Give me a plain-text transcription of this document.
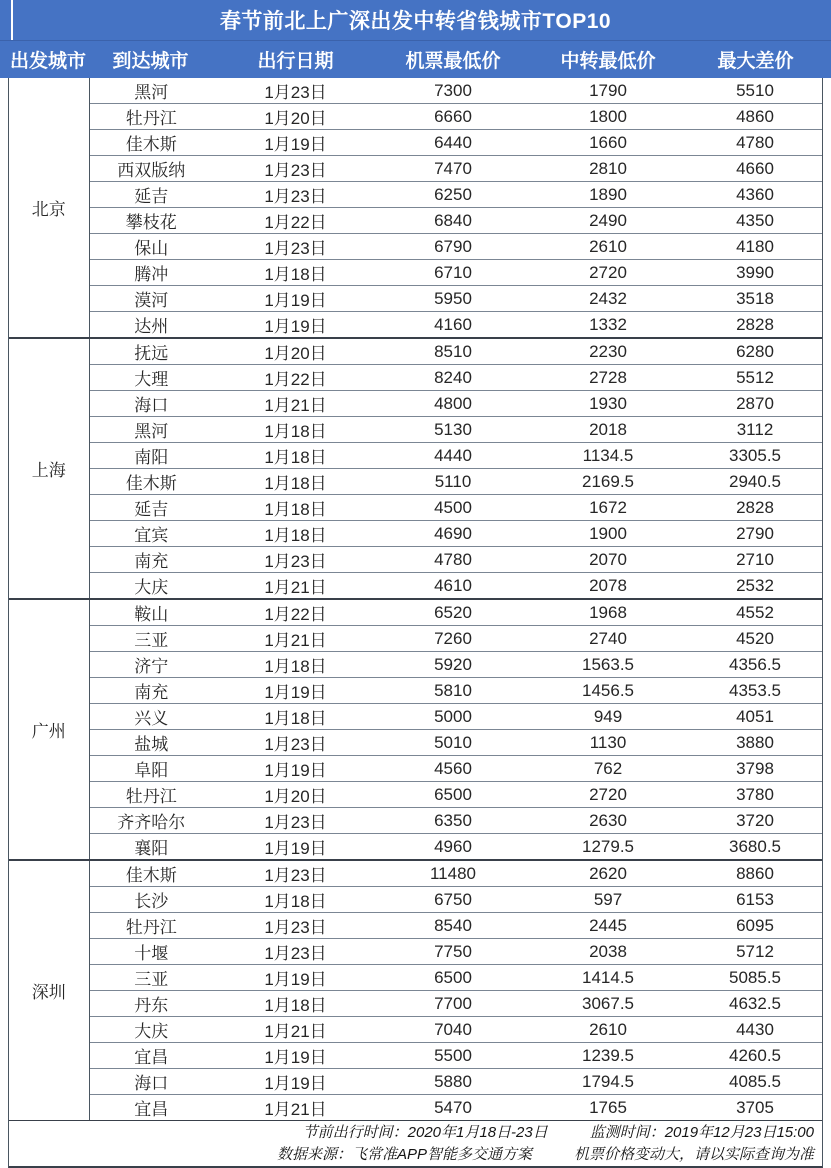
春节前北上广深出发中转省钱城市TOP10
出发城市	到达城市	出行日期	机票最低价	中转最低价	最大差价
北京	黑河	1月23日	7300	1790	5510
	牡丹江	1月20日	6660	1800	4860
	佳木斯	1月19日	6440	1660	4780
	西双版纳	1月23日	7470	2810	4660
	延吉	1月23日	6250	1890	4360
	攀枝花	1月22日	6840	2490	4350
	保山	1月23日	6790	2610	4180
	腾冲	1月18日	6710	2720	3990
	漠河	1月19日	5950	2432	3518
	达州	1月19日	4160	1332	2828
上海	抚远	1月20日	8510	2230	6280
	大理	1月22日	8240	2728	5512
	海口	1月21日	4800	1930	2870
	黑河	1月18日	5130	2018	3112
	南阳	1月18日	4440	1134.5	3305.5
	佳木斯	1月18日	5110	2169.5	2940.5
	延吉	1月18日	4500	1672	2828
	宜宾	1月18日	4690	1900	2790
	南充	1月23日	4780	2070	2710
	大庆	1月21日	4610	2078	2532
广州	鞍山	1月22日	6520	1968	4552
	三亚	1月21日	7260	2740	4520
	济宁	1月18日	5920	1563.5	4356.5
	南充	1月19日	5810	1456.5	4353.5
	兴义	1月18日	5000	949	4051
	盐城	1月23日	5010	1130	3880
	阜阳	1月19日	4560	762	3798
	牡丹江	1月20日	6500	2720	3780
	齐齐哈尔	1月23日	6350	2630	3720
	襄阳	1月19日	4960	1279.5	3680.5
深圳	佳木斯	1月23日	11480	2620	8860
	长沙	1月18日	6750	597	6153
	牡丹江	1月23日	8540	2445	6095
	十堰	1月23日	7750	2038	5712
	三亚	1月19日	6500	1414.5	5085.5
	丹东	1月18日	7700	3067.5	4632.5
	大庆	1月21日	7040	2610	4430
	宜昌	1月19日	5500	1239.5	4260.5
	海口	1月19日	5880	1794.5	4085.5
	宜昌	1月21日	5470	1765	3705
节前出行时间：2020年1月18日-23日	监测时间：2019年12月23日15:00
数据来源：飞常准APP智能多交通方案	机票价格变动大，请以实际查询为准
